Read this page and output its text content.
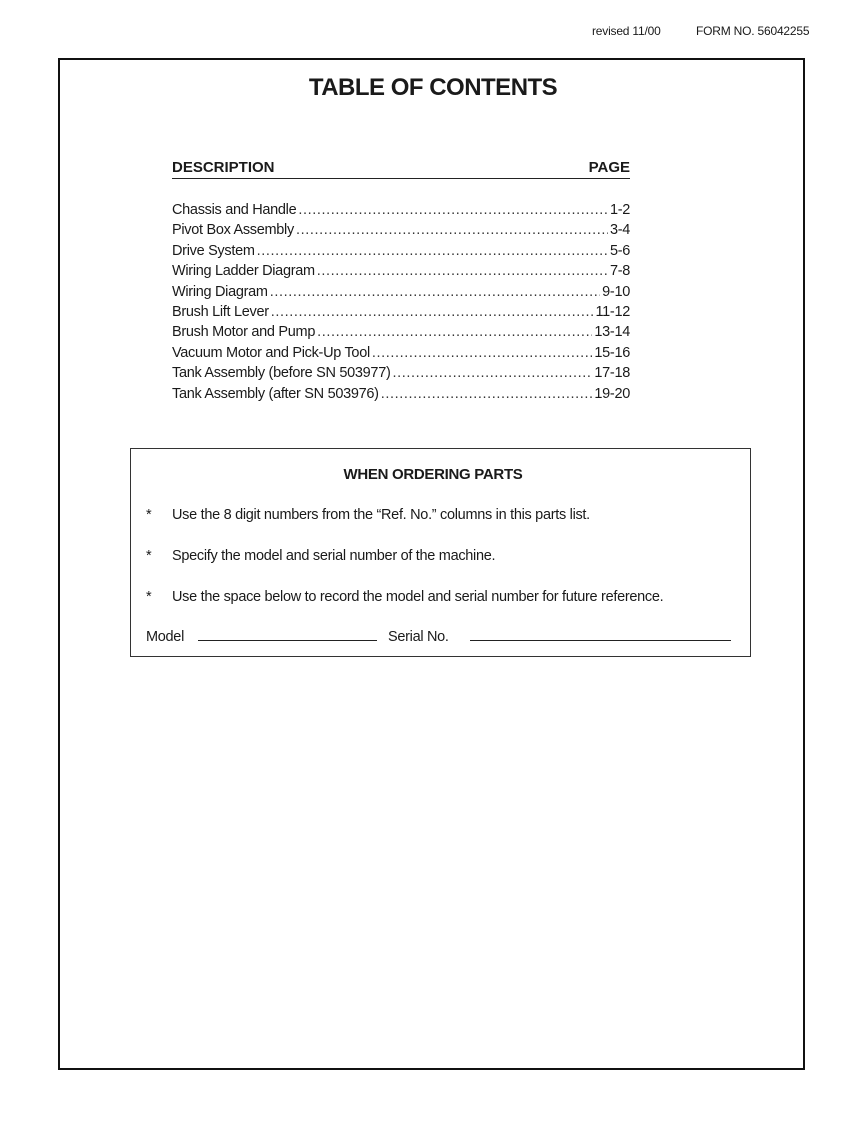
revised 11/00	FORM NO. 56042255
TABLE OF CONTENTS
DESCRIPTION	PAGE
Chassis and Handle .....	1-2
Pivot Box Assembly .....	3-4
Drive System .....	5-6
Wiring Ladder Diagram .....	7-8
Wiring Diagram .....	9-10
Brush Lift Lever .....	11-12
Brush Motor and Pump .....	13-14
Vacuum Motor and Pick-Up Tool .....	15-16
Tank Assembly (before SN 503977) .....	17-18
Tank Assembly (after SN 503976) .....	19-20
WHEN ORDERING PARTS
* Use the 8 digit numbers from the “Ref. No.” columns in this parts list.
* Specify the model and serial number of the machine.
* Use the space below to record the model and serial number for future reference.
Model	Serial No.
